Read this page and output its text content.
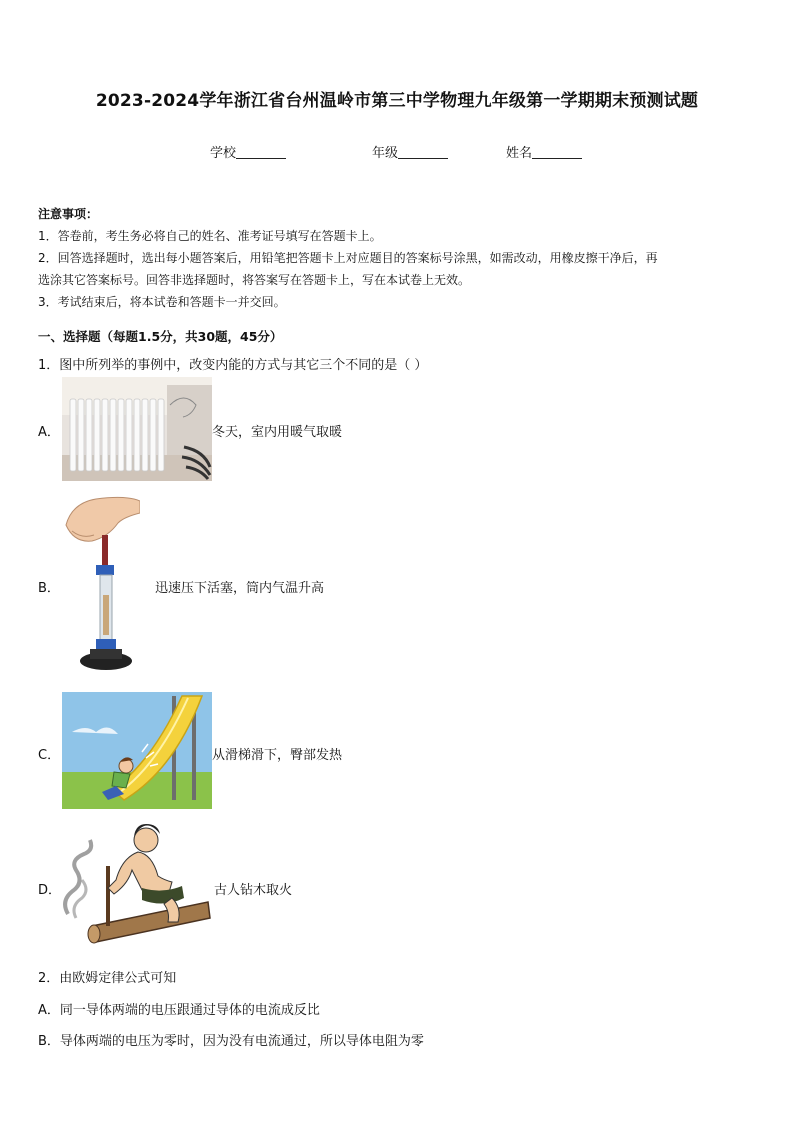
2023-2024学年浙江省台州温岭市第三中学物理九年级第一学期期末预测试题
学校	年级	姓名

注意事项：

1．答卷前，考生务必将自己的姓名、准考证号填写在答题卡上。

2．回答选择题时，选出每小题答案后，用铅笔把答题卡上对应题目的答案标号涂黑，如需改动，用橡皮擦干净后，再

选涂其它答案标号。回答非选择题时，将答案写在答题卡上，写在本试卷上无效。

3．考试结束后，将本试卷和答题卡一并交回。

一、选择题（每题1.5分，共30题，45分）
1．图中所列举的事例中，改变内能的方式与其它三个不同的是（ ）
A．	冬天，室内用暖气取暖
B．	迅速压下活塞，筒内气温升高
C．	从滑梯滑下，臀部发热
D．	古人钻木取火
2．由欧姆定律公式可知
A．同一导体两端的电压跟通过导体的电流成反比
B．导体两端的电压为零时，因为没有电流通过，所以导体电阻为零
